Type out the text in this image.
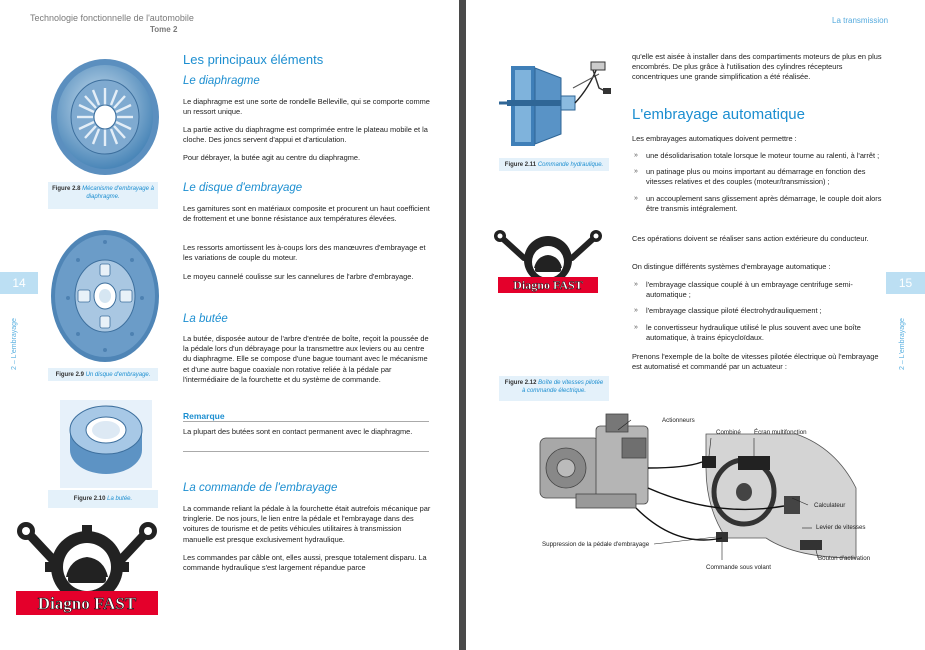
Technologie fonctionnelle de l'automobile
Tome 2
14
2 – L'embrayage
Figure 2.8 Mécanisme d'embrayage à diaphragme.
Figure 2.9 Un disque d'embrayage.
Figure 2.10 La butée.
Diagno FAST
Les principaux éléments
Le diaphragme

Le diaphragme est une sorte de rondelle Belleville, qui se comporte comme un ressort unique.

La partie active du diaphragme est comprimée entre le plateau mobile et la cloche. Des joncs servent d'appui et d'articulation.

Pour débrayer, la butée agit au centre du diaphragme.

Le disque d'embrayage

Les garnitures sont en matériaux composite et procurent un haut coefficient de frottement et une bonne résistance aux températures élevées.

Les ressorts amortissent les à-coups lors des manœuvres d'embrayage et les variations de couple du moteur.

Le moyeu cannelé coulisse sur les cannelures de l'arbre d'embrayage.

La butée

La butée, disposée autour de l'arbre d'entrée de boîte, reçoit la poussée de la pédale lors d'un débrayage pour la transmettre aux leviers ou au centre du diaphragme. Elle se compose d'une bague tournant avec le mécanisme et d'une autre bague coaxiale non rotative reliée à la pédale par l'intermédiaire de la fourchette et du système de commande.

Remarque

La plupart des butées sont en contact permanent avec le diaphragme.

La commande de l'embrayage

La commande reliant la pédale à la fourchette était autrefois mécanique par tringlerie. De nos jours, le lien entre la pédale et l'embrayage dans des voitures de tourisme et de petits véhicules utilitaires à transmission manuelle est presque exclusivement hydraulique.

Les commandes par câble ont, elles aussi, presque totalement disparu. La commande hydraulique s'est largement répandue parce

La transmission
15
2 – L'embrayage
Figure 2.11 Commande hydraulique.
Diagno FAST
Figure 2.12 Boîte de vitesses pilotée à commande électrique.

qu'elle est aisée à installer dans des compartiments moteurs de plus en plus encombrés. De plus grâce à l'utilisation des cylindres récepteurs concentriques une grande simplification a été réalisée.

L'embrayage automatique

Les embrayages automatiques doivent permettre :

» une désolidarisation totale lorsque le moteur tourne au ralenti, à l'arrêt ;

» un patinage plus ou moins important au démarrage en fonction des vitesses relatives et des couples (moteur/transmission) ;

» un accouplement sans glissement après démarrage, le couple doit alors être transmis intégralement.

Ces opérations doivent se réaliser sans action extérieure du conducteur.

On distingue différents systèmes d'embrayage automatique :

» l'embrayage classique couplé à un embrayage centrifuge semi-automatique ;

» l'embrayage classique piloté électrohydrauliquement ;

» le convertisseur hydraulique utilisé le plus souvent avec une boîte automatique, à trains épicycloïdaux.

Prenons l'exemple de la boîte de vitesses pilotée électrique où l'embrayage est automatisé et commandé par un actuateur :

Actionneurs
Combiné Écran multifonction
Calculateur
Levier de vitesses
Bouton d'activation
Commande sous volant
Suppression de la pédale d'embrayage
